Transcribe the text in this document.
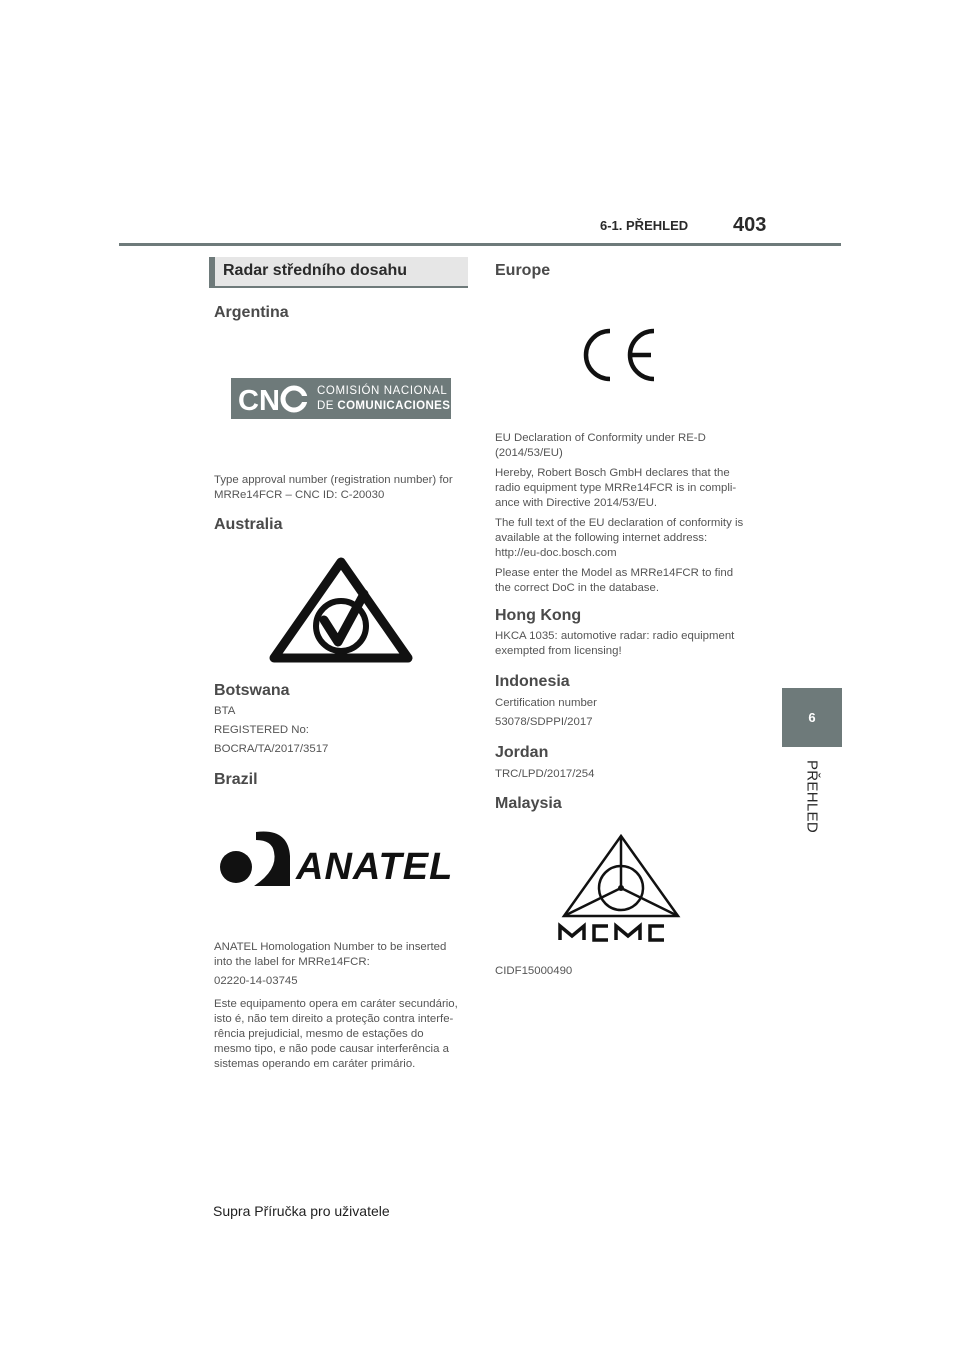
6-1. PŘEHLED 403
6
PŘEHLED
Radar středního dosahu
Argentina
CN	COMISIÓN NACIONAL
DE COMUNICACIONES
Type approval number (registration number) for MRRe14FCR – CNC ID: C-20030
Australia
Botswana
BTA
REGISTERED No:
BOCRA/TA/2017/3517
Brazil
ANATEL

ANATEL Homologation Number to be inserted into the label for MRRe14FCR:

02220-14-03745

Este equipamento opera em caráter secundário, isto é, não tem direito a proteção contra interfe-rência prejudicial, mesmo de estações do mesmo tipo, e não pode causar interferência a sistemas operando em caráter primário.

Europe

EU Declaration of Conformity under RE-D (2014/53/EU)

Hereby, Robert Bosch GmbH declares that the radio equipment type MRRe14FCR is in compli-ance with Directive 2014/53/EU.

The full text of the EU declaration of conformity is available at the following internet address: http://eu-doc.bosch.com

Please enter the Model as MRRe14FCR to find the correct DoC in the database.

Hong Kong
HKCA 1035: automotive radar: radio equipment exempted from licensing!
Indonesia
Certification number
53078/SDPPI/2017
Jordan
TRC/LPD/2017/254
Malaysia
CIDF15000490
Supra Příručka pro uživatele
